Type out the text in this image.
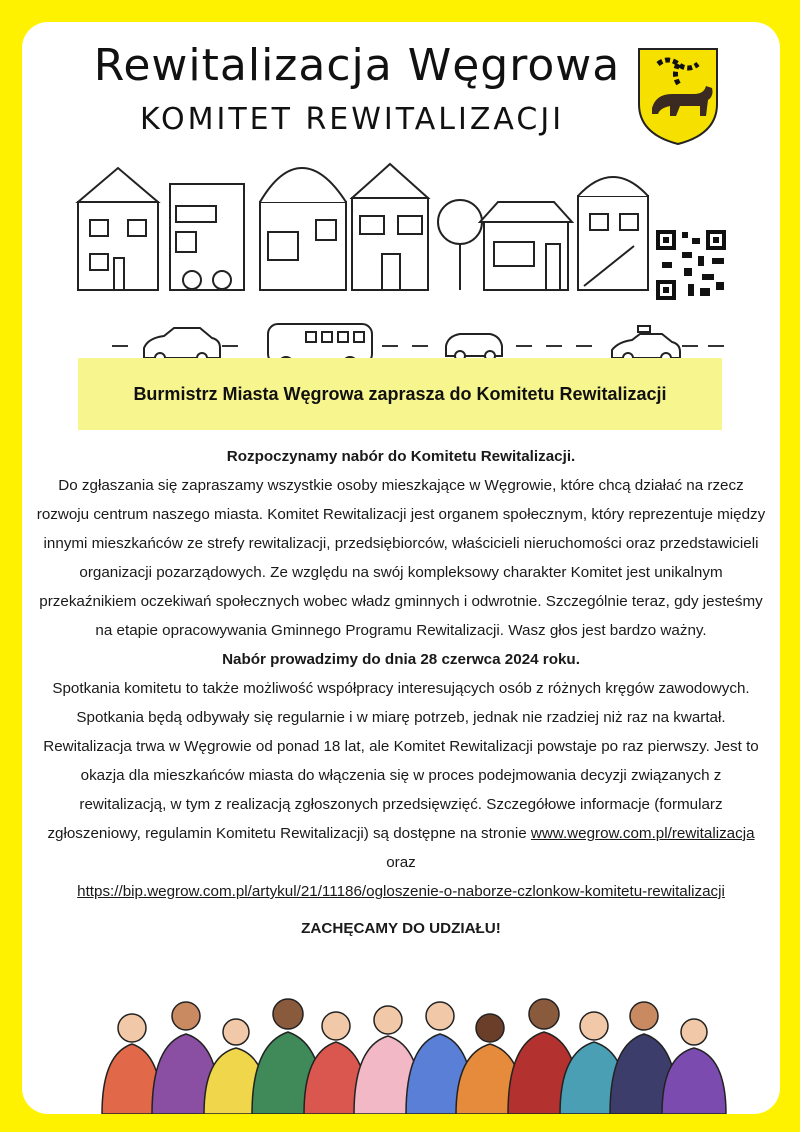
Rewitalizacja Węgrowa
KOMITET REWITALIZACJI
Burmistrz Miasta Węgrowa zaprasza do Komitetu Rewitalizacji

Rozpoczynamy nabór do Komitetu Rewitalizacji.

Do zgłaszania się zapraszamy wszystkie osoby mieszkające w Węgrowie, które chcą działać na rzecz rozwoju centrum naszego miasta. Komitet Rewitalizacji jest organem społecznym, który reprezentuje między innymi mieszkańców ze strefy rewitalizacji, przedsiębiorców, właścicieli nieruchomości oraz przedstawicieli organizacji pozarządowych. Ze względu na swój kompleksowy charakter Komitet jest unikalnym przekaźnikiem oczekiwań społecznych wobec władz gminnych i odwrotnie. Szczególnie teraz, gdy jesteśmy na etapie opracowywania Gminnego Programu Rewitalizacji. Wasz głos jest bardzo ważny.

Nabór prowadzimy do dnia 28 czerwca 2024 roku.

Spotkania komitetu to także możliwość współpracy interesujących osób z różnych kręgów zawodowych. Spotkania będą odbywały się regularnie i w miarę potrzeb, jednak nie rzadziej niż raz na kwartał. Rewitalizacja trwa w Węgrowie od ponad 18 lat, ale Komitet Rewitalizacji powstaje po raz pierwszy. Jest to okazja dla mieszkańców miasta do włączenia się w proces podejmowania decyzji związanych z rewitalizacją, w tym z realizacją zgłoszonych przedsięwzięć. Szczegółowe informacje (formularz zgłoszeniowy, regulamin Komitetu Rewitalizacji) są dostępne na stronie www.wegrow.com.pl/rewitalizacja oraz
https://bip.wegrow.com.pl/artykul/21/11186/ogloszenie-o-naborze-czlonkow-komitetu-rewitalizacji

ZACHĘCAMY DO UDZIAŁU!
